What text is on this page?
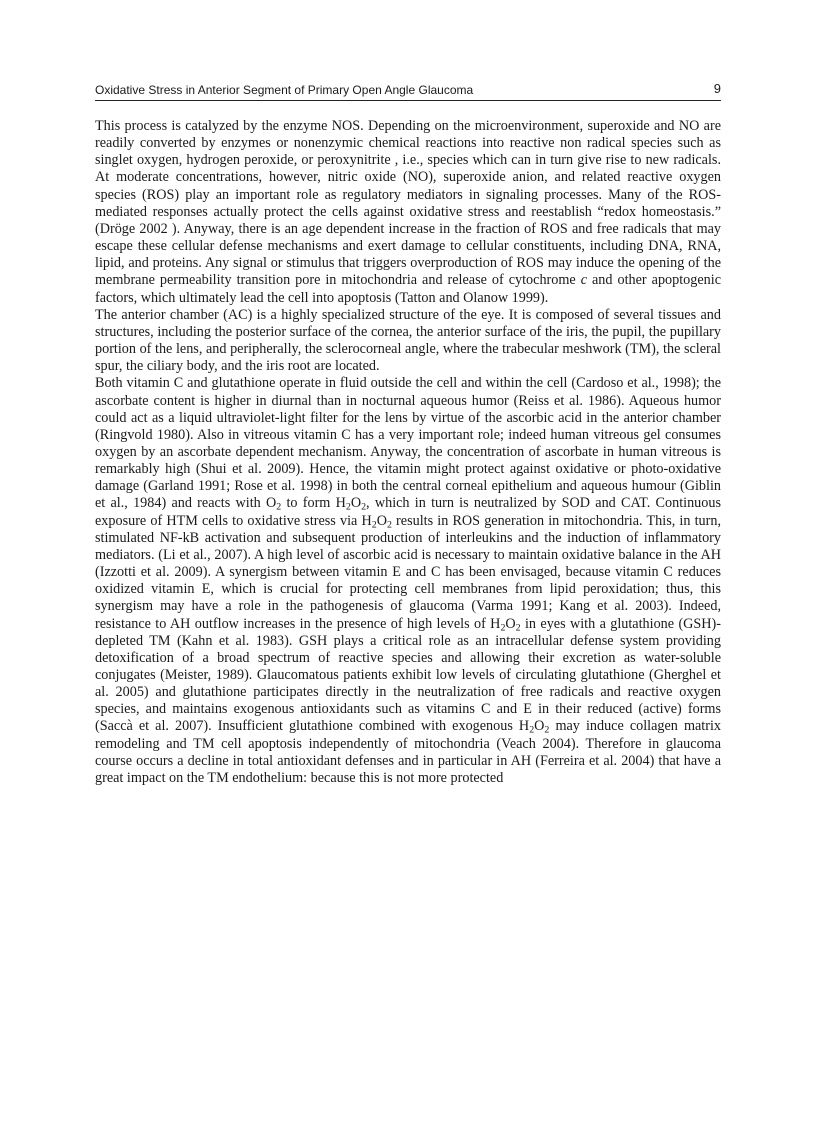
Oxidative Stress in Anterior Segment of Primary Open Angle Glaucoma	9

This process is catalyzed by the enzyme NOS. Depending on the microenvironment, superoxide and NO are readily converted by enzymes or nonenzymic chemical reactions into reactive non radical species such as singlet oxygen, hydrogen peroxide, or peroxynitrite , i.e., species which can in turn give rise to new radicals. At moderate concentrations, however, nitric oxide (NO), superoxide anion, and related reactive oxygen species (ROS) play an important role as regulatory mediators in signaling processes. Many of the ROS-mediated responses actually protect the cells against oxidative stress and reestablish “redox homeostasis.” (Dröge 2002 ). Anyway, there is an age dependent increase in the fraction of ROS and free radicals that may escape these cellular defense mechanisms and exert damage to cellular constituents, including DNA, RNA, lipid, and proteins. Any signal or stimulus that triggers overproduction of ROS may induce the opening of the membrane permeability transition pore in mitochondria and release of cytochrome c and other apoptogenic factors, which ultimately lead the cell into apoptosis (Tatton and Olanow 1999).

The anterior chamber (AC) is a highly specialized structure of the eye. It is composed of several tissues and structures, including the posterior surface of the cornea, the anterior surface of the iris, the pupil, the pupillary portion of the lens, and peripherally, the sclerocorneal angle, where the trabecular meshwork (TM), the scleral spur, the ciliary body, and the iris root are located.

Both vitamin C and glutathione operate in fluid outside the cell and within the cell (Cardoso et al., 1998); the ascorbate content is higher in diurnal than in nocturnal aqueous humor (Reiss et al. 1986). Aqueous humor could act as a liquid ultraviolet-light filter for the lens by virtue of the ascorbic acid in the anterior chamber (Ringvold 1980). Also in vitreous vitamin C has a very important role; indeed human vitreous gel consumes oxygen by an ascorbate dependent mechanism. Anyway, the concentration of ascorbate in human vitreous is remarkably high (Shui et al. 2009). Hence, the vitamin might protect against oxidative or photo-oxidative damage (Garland 1991; Rose et al. 1998) in both the central corneal epithelium and aqueous humour (Giblin et al., 1984) and reacts with $O_2$ to form $H_2O_2$, which in turn is neutralized by SOD and CAT. Continuous exposure of HTM cells to oxidative stress via $H_2O_2$ results in ROS generation in mitochondria. This, in turn, stimulated NF-kB activation and subsequent production of interleukins and the induction of inflammatory mediators. (Li et al., 2007). A high level of ascorbic acid is necessary to maintain oxidative balance in the AH (Izzotti et al. 2009). A synergism between vitamin E and C has been envisaged, because vitamin C reduces oxidized vitamin E, which is crucial for protecting cell membranes from lipid peroxidation; thus, this synergism may have a role in the pathogenesis of glaucoma (Varma 1991; Kang et al. 2003). Indeed, resistance to AH outflow increases in the presence of high levels of $H_2O_2$ in eyes with a glutathione (GSH)-depleted TM (Kahn et al. 1983). GSH plays a critical role as an intracellular defense system providing detoxification of a broad spectrum of reactive species and allowing their excretion as water-soluble conjugates (Meister, 1989). Glaucomatous patients exhibit low levels of circulating glutathione (Gherghel et al. 2005) and glutathione participates directly in the neutralization of free radicals and reactive oxygen species, and maintains exogenous antioxidants such as vitamins C and E in their reduced (active) forms (Saccà et al. 2007). Insufficient glutathione combined with exogenous $H_2O_2$ may induce collagen matrix remodeling and TM cell apoptosis independently of mitochondria (Veach 2004). Therefore in glaucoma course occurs a decline in total antioxidant defenses and in particular in AH (Ferreira et al. 2004) that have a great impact on the TM endothelium: because this is not more protected
